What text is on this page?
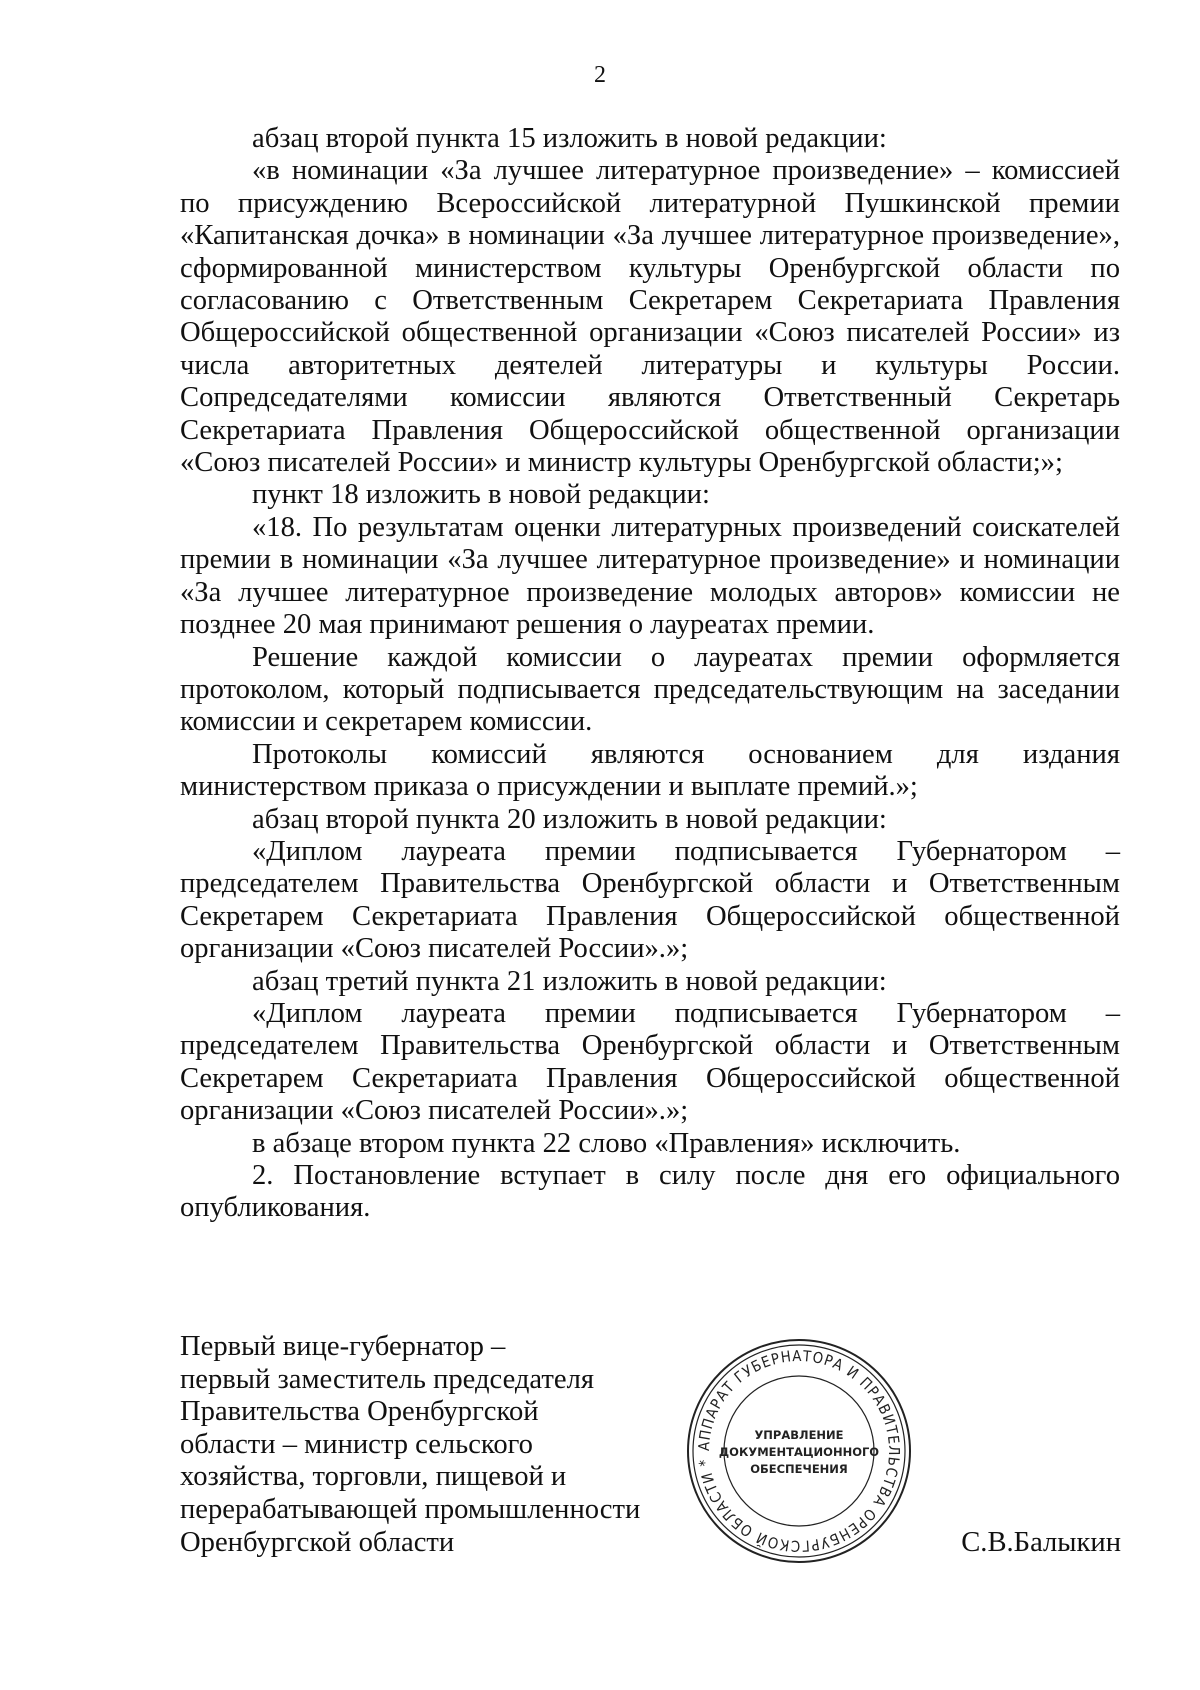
2

абзац второй пункта 15 изложить в новой редакции:

«в номинации «За лучшее литературное произведение» – комиссией по присуждению Всероссийской литературной Пушкинской премии «Капитанская дочка» в номинации «За лучшее литературное произведение», сформированной министерством культуры Оренбургской области по согласованию с Ответственным Секретарем Секретариата Правления Общероссийской общественной организации «Союз писателей России» из числа авторитетных деятелей литературы и культуры России. Сопредседателями комиссии являются Ответственный Секретарь Секретариата Правления Общероссийской общественной организации «Союз писателей России» и министр культуры Оренбургской области;»;

пункт 18 изложить в новой редакции:

«18. По результатам оценки литературных произведений соискателей премии в номинации «За лучшее литературное произведение» и номинации «За лучшее литературное произведение молодых авторов» комиссии не позднее 20 мая принимают решения о лауреатах премии.

Решение каждой комиссии о лауреатах премии оформляется протоколом, который подписывается председательствующим на заседании комиссии и секретарем комиссии.

Протоколы комиссий являются основанием для издания министерством приказа о присуждении и выплате премий.»;

абзац второй пункта 20 изложить в новой редакции:

«Диплом лауреата премии подписывается Губернатором – председателем Правительства Оренбургской области и Ответственным Секретарем Секретариата Правления Общероссийской общественной организации «Союз писателей России».»;

абзац третий пункта 21 изложить в новой редакции:

«Диплом лауреата премии подписывается Губернатором – председателем Правительства Оренбургской области и Ответственным Секретарем Секретариата Правления Общероссийской общественной организации «Союз писателей России».»;

в абзаце втором пункта 22 слово «Правления» исключить.

2. Постановление вступает в силу после дня его официального опубликования.

Первый вице-губернатор –
первый заместитель председателя
Правительства Оренбургской
области – министр сельского
хозяйства, торговли, пищевой и
перерабатывающей промышленности
Оренбургской области
АППАРАТ ГУБЕРНАТОРА И ПРАВИТЕЛЬСТВА ОРЕНБУРГСКОЙ ОБЛАСТИ *
УПРАВЛЕНИЕ
ДОКУМЕНТАЦИОННОГО
ОБЕСПЕЧЕНИЯ
С.В.Балыкин
